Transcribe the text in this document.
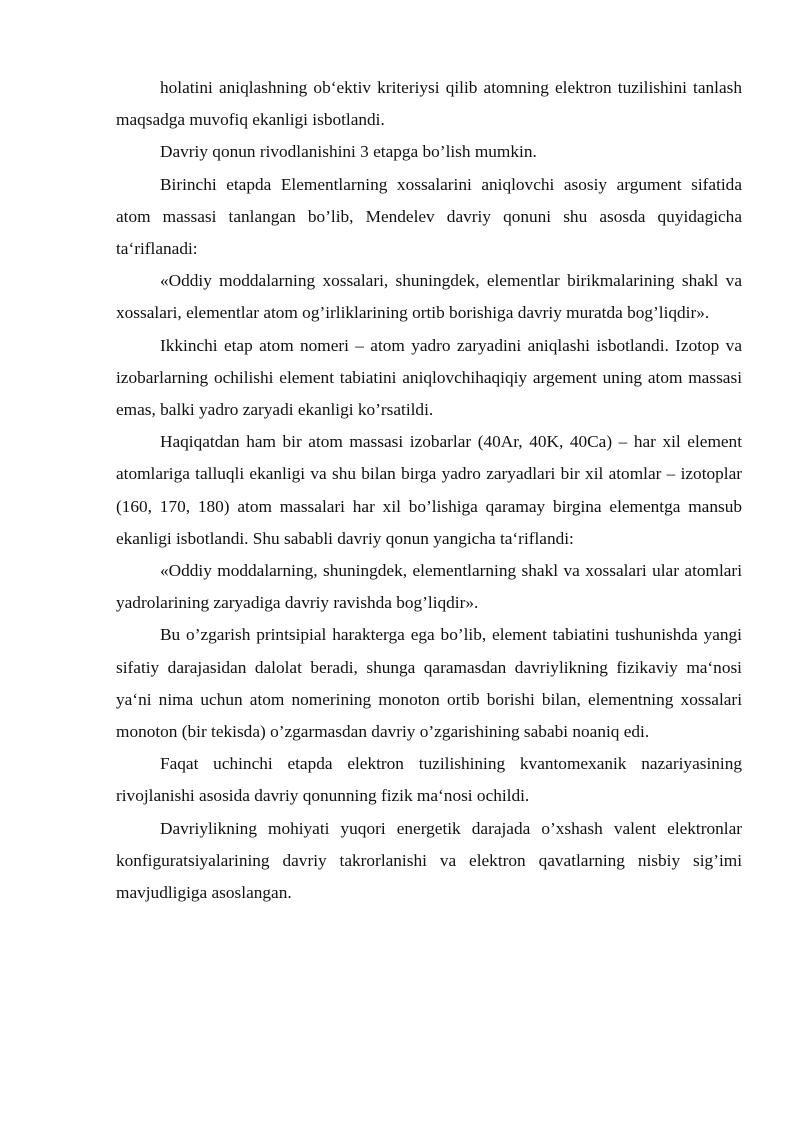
holatini aniqlashning ob‘ektiv kriteriysi qilib atomning elektron tuzilishini tanlash maqsadga muvofiq ekanligi isbotlandi.

Davriy qonun rivodlanishini 3 etapga bo’lish mumkin.

Birinchi etapda Elementlarning xossalarini aniqlovchi asosiy argument sifatida atom massasi tanlangan bo’lib, Mendelev davriy qonuni shu asosda quyidagicha ta‘riflanadi:

«Oddiy moddalarning xossalari, shuningdek, elementlar birikmalarining shakl va xossalari, elementlar atom og’irliklarining ortib borishiga davriy muratda bog’liqdir».

Ikkinchi etap atom nomeri – atom yadro zaryadini aniqlashi isbotlandi. Izotop va izobarlarning ochilishi element tabiatini aniqlovchihaqiqiy argement uning atom massasi emas, balki yadro zaryadi ekanligi ko’rsatildi.

Haqiqatdan ham bir atom massasi izobarlar (40Ar, 40K, 40Ca) – har xil element atomlariga talluqli ekanligi va shu bilan birga yadro zaryadlari bir xil atomlar – izotoplar (160, 170, 180) atom massalari har xil bo’lishiga qaramay birgina elementga mansub ekanligi isbotlandi. Shu sababli davriy qonun yangicha ta‘riflandi:

«Oddiy moddalarning, shuningdek, elementlarning shakl va xossalari ular atomlari yadrolarining zaryadiga davriy ravishda bog’liqdir».

Bu o’zgarish printsipial harakterga ega bo’lib, element tabiatini tushunishda yangi sifatiy darajasidan dalolat beradi, shunga qaramasdan davriylikning fizikaviy ma‘nosi ya‘ni nima uchun atom nomerining monoton ortib borishi bilan, elementning xossalari monoton (bir tekisda) o’zgarmasdan davriy o’zgarishining sababi noaniq edi.

Faqat uchinchi etapda elektron tuzilishining kvantomexanik nazariyasining rivojlanishi asosida davriy qonunning fizik ma‘nosi ochildi.

Davriylikning mohiyati yuqori energetik darajada o’xshash valent elektronlar konfiguratsiyalarining davriy takrorlanishi va elektron qavatlarning nisbiy sig’imi mavjudligiga asoslangan.
